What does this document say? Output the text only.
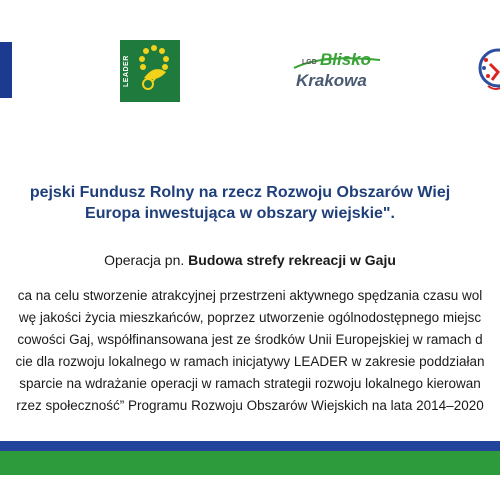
LEADER	LGD Blisko
Krakowa
pejski Fundusz Rolny na rzecz Rozwoju Obszarów Wiej
Europa inwestująca w obszary wiejskie".
Operacja pn. Budowa strefy rekreacji w Gaju
ca na celu stworzenie atrakcyjnej przestrzeni aktywnego spędzania czasu wol
wę jakości życia mieszkańców, poprzez utworzenie ogólnodostępnego miejsc
cowości Gaj, współfinansowana jest ze środków Unii Europejskiej w ramach d
cie dla rozwoju lokalnego w ramach inicjatywy LEADER w zakresie poddziałan
sparcie na wdrażanie operacji w ramach strategii rozwoju lokalnego kierowan
rzez społeczność” Programu Rozwoju Obszarów Wiejskich na lata 2014–2020
